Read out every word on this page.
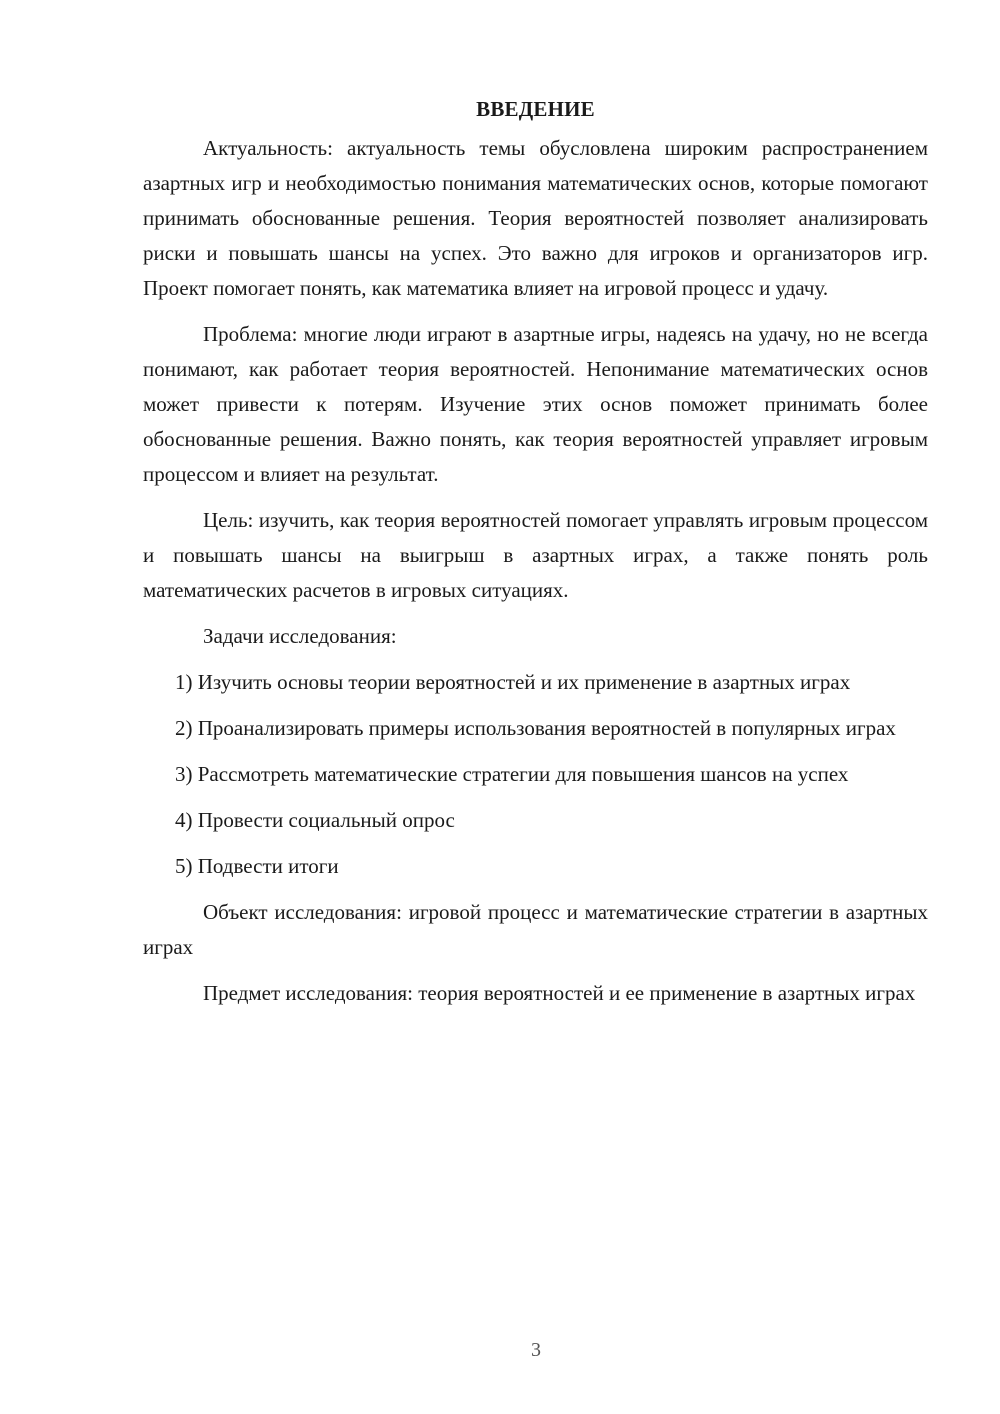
ВВЕДЕНИЕ

Актуальность: актуальность темы обусловлена широким распространением азартных игр и необходимостью понимания математических основ, которые помогают принимать обоснованные решения. Теория вероятностей позволяет анализировать риски и повышать шансы на успех. Это важно для игроков и организаторов игр. Проект помогает понять, как математика влияет на игровой процесс и удачу.

Проблема: многие люди играют в азартные игры, надеясь на удачу, но не всегда понимают, как работает теория вероятностей. Непонимание математических основ может привести к потерям. Изучение этих основ поможет принимать более обоснованные решения. Важно понять, как теория вероятностей управляет игровым процессом и влияет на результат.

Цель: изучить, как теория вероятностей помогает управлять игровым процессом и повышать шансы на выигрыш в азартных играх, а также понять роль математических расчетов в игровых ситуациях.

Задачи исследования:

1) Изучить основы теории вероятностей и их применение в азартных играх

2) Проанализировать примеры использования вероятностей в популярных играх

3) Рассмотреть математические стратегии для повышения шансов на успех

4) Провести социальный опрос

5) Подвести итоги

Объект исследования: игровой процесс и математические стратегии в азартных играх

Предмет исследования: теория вероятностей и ее применение в азартных играх

3
